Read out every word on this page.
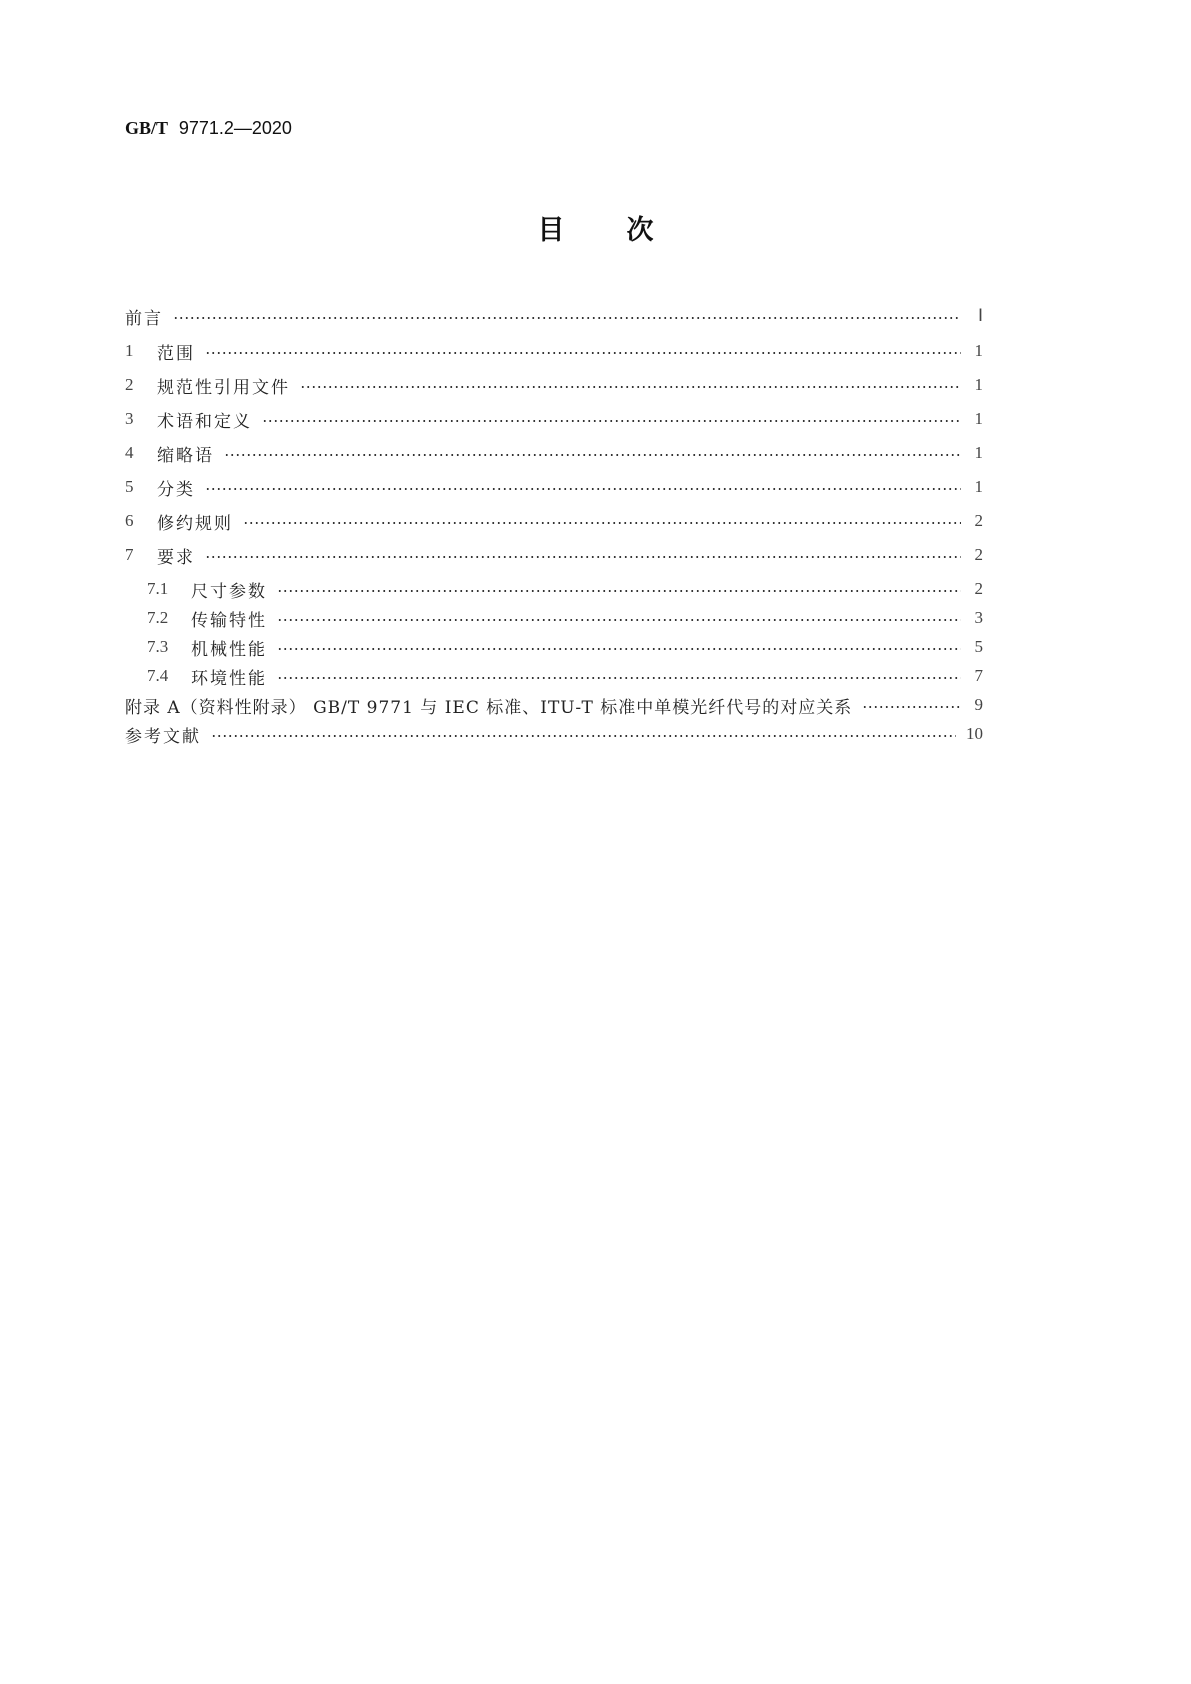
GB/T 9771.2—2020
目 次
前言	Ⅰ
1	范围	1
2	规范性引用文件	1
3	术语和定义	1
4	缩略语	1
5	分类	1
6	修约规则	2
7	要求	2
7.1	尺寸参数	2
7.2	传输特性	3
7.3	机械性能	5
7.4	环境性能	7
附录 A（资料性附录） GB/T 9771 与 IEC 标准、ITU-T 标准中单模光纤代号的对应关系	9
参考文献	10
